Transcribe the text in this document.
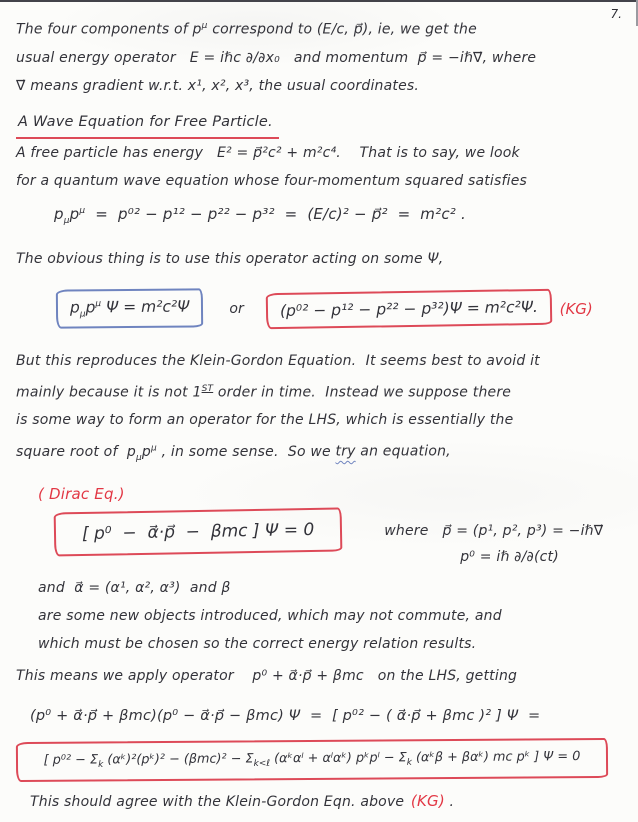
7.
The four components of $p^\mu$ correspond to (E/c, p⃗), ie, we get the
usual energy operator   E = iℏc ∂/∂x₀   and momentum  p⃗ = −iℏ∇⃗, where
∇⃗ means gradient w.r.t. x¹, x², x³, the usual coordinates.
A Wave Equation for Free Particle.
A free particle has energy   E² = p⃗²c² + m²c⁴.    That is to say, we look
for a quantum wave equation whose four-momentum squared satisfies
$p_\mu p^\mu = p^{02} - p^{12} - p^{22} - p^{32} = (E/c)^2$ − p⃗²  =  m²c² .
The obvious thing is to use this operator acting on some Ψ,
$p_\mu p^\mu$ Ψ = m²c²Ψ	or	(p⁰² − p¹² − p²² − p³²)Ψ = m²c²Ψ.	(KG)
But this reproduces the Klein-Gordon Equation.  It seems best to avoid it
mainly because it is not 1ST order in time.  Instead we suppose there
is some way to form an operator for the LHS, which is essentially the
square root of  $p_\mu p^\mu$ , in some sense.  So we try an equation,
( Dirac Eq.)
[ p⁰  −  α⃗·p⃗  −  βmc ] Ψ = 0	where   p⃗ = (p¹, p², p³) = −iℏ∇⃗
p⁰ = iℏ ∂/∂(ct)
and  α⃗ = (α¹, α², α³)  and β
are some new objects introduced, which may not commute, and
which must be chosen so the correct energy relation results.
This means we apply operator    p⁰ + α⃗·p⃗ + βmc   on the LHS, getting
(p⁰ + α⃗·p⃗ + βmc)(p⁰ − α⃗·p⃗ − βmc) Ψ  =  [ p⁰² − ( α⃗·p⃗ + βmc )² ] Ψ  =
[ $p^{02} - \Sigma_k$ (αᵏ)²(pᵏ)² − $(\beta mc)^2 - \Sigma_{k<\ell}$ (αᵏαˡ + αˡαᵏ) pᵏpˡ − $\Sigma_k$ (αᵏβ + βαᵏ) mc pᵏ ] Ψ = 0
This should agree with the Klein-Gordon Eqn. above (KG) .
